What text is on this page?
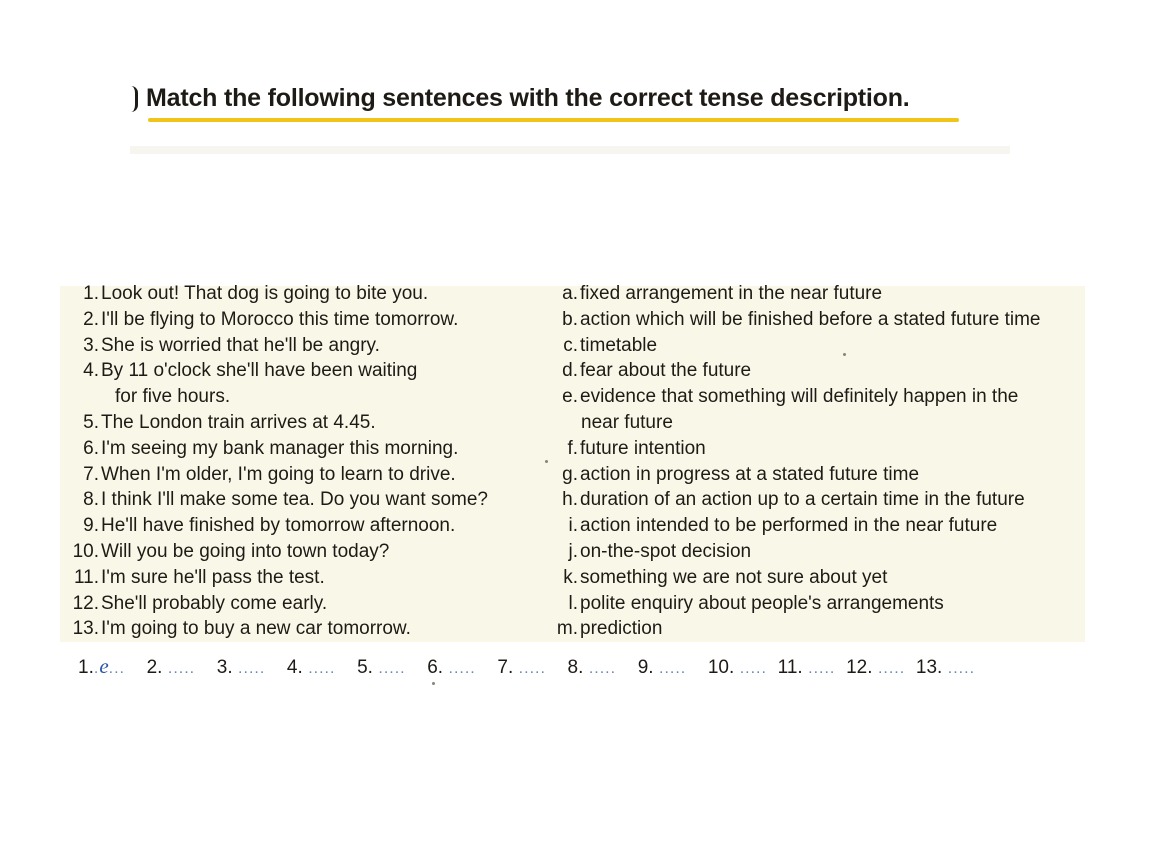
Match the following sentences with the correct tense description.
1. Look out! That dog is going to bite you.
2. I'll be flying to Morocco this time tomorrow.
3. She is worried that he'll be angry.
4. By 11 o'clock she'll have been waiting
for five hours.
5. The London train arrives at 4.45.
6. I'm seeing my bank manager this morning.
7. When I'm older, I'm going to learn to drive.
8. I think I'll make some tea. Do you want some?
9. He'll have finished by tomorrow afternoon.
10. Will you be going into town today?
11. I'm sure he'll pass the test.
12. She'll probably come early.
13. I'm going to buy a new car tomorrow.
a. fixed arrangement in the near future
b. action which will be finished before a stated future time
c. timetable
d. fear about the future
e. evidence that something will definitely happen in the
near future
f. future intention
g. action in progress at a stated future time
h. duration of an action up to a certain time in the future
i. action intended to be performed in the near future
j. on-the-spot decision
k. something we are not sure about yet
l. polite enquiry about people's arrangements
m. prediction
1..e...    2. .....    3. .....    4. .....    5. .....    6. .....    7. .....    8. .....    9. .....    10. .....  11. .....  12. .....  13. .....
